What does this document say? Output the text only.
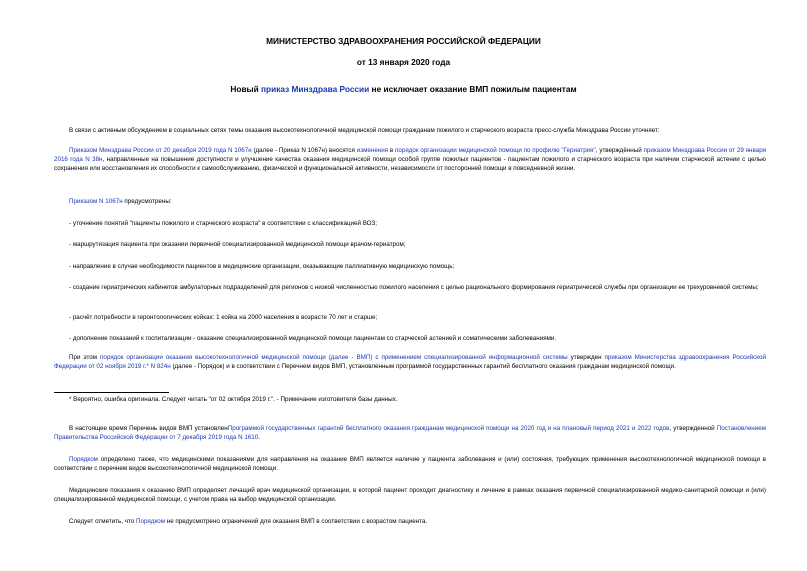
МИНИСТЕРСТВО ЗДРАВООХРАНЕНИЯ РОССИЙСКОЙ ФЕДЕРАЦИИ
от 13 января 2020 года
Новый приказ Минздрава России не исключает оказание ВМП пожилым пациентам
В связи с активным обсуждением в социальных сетях темы оказания высокотехнологичной медицинской помощи гражданам пожилого и старческого возраста пресс-служба Минздрава России уточняет:
Приказом Минздрава России от 20 декабря 2019 года N 1067н (далее - Приказ N 1067н) вносятся изменения в порядок организации медицинской помощи по профилю "Гериатрия", утверждённый приказом Минздрава России от 29 января 2016 года N 38н, направленные на повышение доступности и улучшение качества оказания медицинской помощи особой группе пожилых пациентов - пациентам пожилого и старческого возраста при наличии старческой астении с целью сохранения или восстановления их способности к самообслуживанию, физической и функциональной активности, независимости от посторонней помощи в повседневной жизни.
Приказом N 1067н предусмотрены:
- уточнение понятий "пациенты пожилого и старческого возраста" в соответствии с классификацией ВОЗ;
- маршрутизация пациента при оказании первичной специализированной медицинской помощи врачом-гериатром;
- направление в случае необходимости пациентов в медицинские организации, оказывающие паллиативную медицинскую помощь;
- создание гериатрических кабинетов амбулаторных подразделений для регионов с низкой численностью пожилого населения с целью рационального формирования гериатрической службы при организации ее трехуровневой системы;
- расчёт потребности в геронтологических койках: 1 койка на 2000 населения в возрасте 70 лет и старше;
- дополнение показаний к госпитализации - оказание специализированной медицинской помощи пациентам со старческой астенией и соматическими заболеваниями.
При этом порядок организации оказания высокотехнологичной медицинской помощи (далее - ВМП) с применением специализированной информационной системы утвержден приказом Министерства здравоохранения Российской Федерации от 02 ноября 2019 г.* N 824н (далее - Порядок) и в соответствии с Перечнем видов ВМП, установленным программой государственных гарантий бесплатного оказания гражданам медицинской помощи.
* Вероятно, ошибка оригинала. Следует читать "от 02 октября 2019 г.". - Примечание изготовителя базы данных.
В настоящее время Перечень видов ВМП установленПрограммой государственных гарантий бесплатного оказания гражданам медицинской помощи на 2020 год и на плановый период 2021 и 2022 годов, утвержденной Постановлением Правительства Российской Федерации от 7 декабря 2019 года N 1610.
Порядком определено также, что медицинскими показаниями для направления на оказание ВМП является наличие у пациента заболевания и (или) состояния, требующих применения высокотехнологичной медицинской помощи в соответствии с перечнем видов высокотехнологичной медицинской помощи.
Медицинские показания к оказанию ВМП определяет лечащий врач медицинской организации, в которой пациент проходит диагностику и лечение в рамках оказания первичной специализированной медико-санитарной помощи и (или) специализированной медицинской помощи, с учетом права на выбор медицинской организации.
Следует отметить, что Порядком не предусмотрено ограничений для оказания ВМП в соответствии с возрастом пациента.
